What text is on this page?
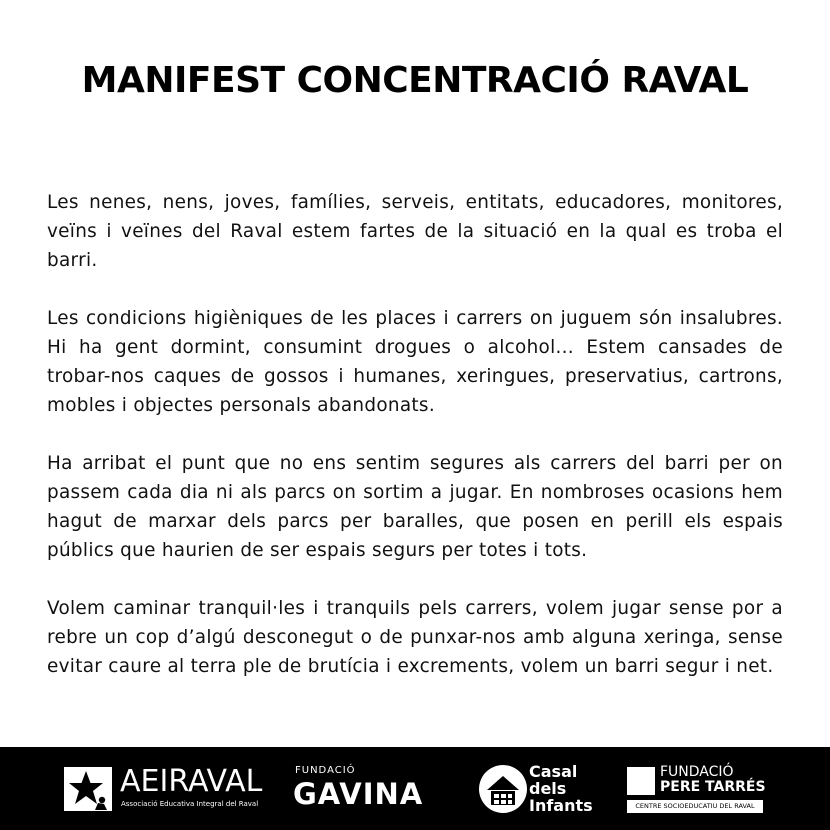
MANIFEST CONCENTRACIÓ RAVAL

Les nenes, nens, joves, famílies, serveis, entitats, educadores, monitores, veïns i veïnes del Raval estem fartes de la situació en la qual es troba el barri.

Les condicions higièniques de les places i carrers on juguem són insalubres. Hi ha gent dormint, consumint drogues o alcohol... Estem cansades de trobar-nos caques de gossos i humanes, xeringues, preservatius, cartrons, mobles i objectes personals abandonats.

Ha arribat el punt que no ens sentim segures als carrers del barri per on passem cada dia ni als parcs on sortim a jugar. En nombroses ocasions hem hagut de marxar dels parcs per baralles, que posen en perill els espais públics que haurien de ser espais segurs per totes i tots.

Volem caminar tranquil·les i tranquils pels carrers, volem jugar sense por a rebre un cop d’algú desconegut o de punxar-nos amb alguna xeringa, sense evitar caure al terra ple de brutícia i excrements, volem un barri segur i net.

AEIRAVAL
Associació Educativa Integral del Raval
FUNDACIÓ
GAVINA
Casal
dels
Infants
FUNDACIÓ
PERE TARRÉS
CENTRE SOCIOEDUCATIU DEL RAVAL
